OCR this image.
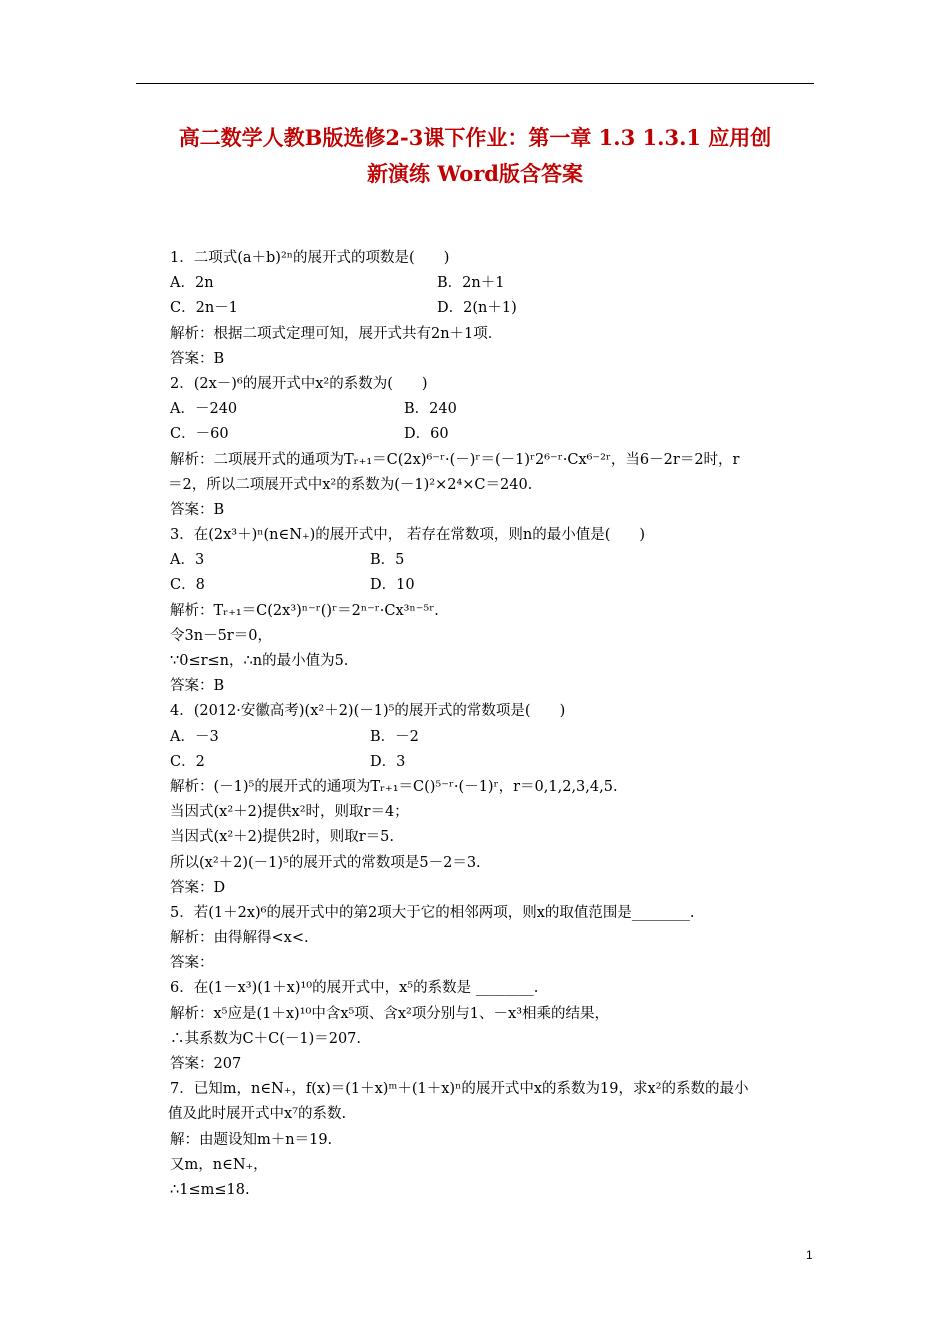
高二数学人教B版选修2-3课下作业：第一章 1.3 1.3.1 应用创
新演练 Word版含答案
1．二项式(a＋b)²ⁿ的展开式的项数是(　　)
A．2n	B．2n＋1
C．2n－1	D．2(n＋1)
解析：根据二项式定理可知，展开式共有2n＋1项．
答案：B
2．(2x－)⁶的展开式中x²的系数为(　　)
A．－240	B．240
C．－60	D．60
解析：二项展开式的通项为Tᵣ₊₁＝C(2x)⁶⁻ʳ·(－)ʳ＝(－1)ʳ2⁶⁻ʳ·Cx⁶⁻²ʳ，当6－2r＝2时，r
＝2，所以二项展开式中x²的系数为(－1)²×2⁴×C＝240.
答案：B
3．在(2x³＋)ⁿ(n∈N₊)的展开式中， 若存在常数项，则n的最小值是(　　)
A．3	B．5
C．8	D．10
解析：Tᵣ₊₁＝C(2x³)ⁿ⁻ʳ()ʳ＝2ⁿ⁻ʳ·Cx³ⁿ⁻⁵ʳ.
令3n－5r＝0，
∵0≤r≤n，∴n的最小值为5.
答案：B
4．(2012·安徽高考)(x²＋2)(－1)⁵的展开式的常数项是(　　)
A．－3	B．－2
C．2	D．3
解析：(－1)⁵的展开式的通项为Tᵣ₊₁＝C()⁵⁻ʳ·(－1)ʳ，r＝0,1,2,3,4,5.
当因式(x²＋2)提供x²时，则取r＝4；
当因式(x²＋2)提供2时，则取r＝5.
所以(x²＋2)(－1)⁵的展开式的常数项是5－2＝3.
答案：D
5．若(1＋2x)⁶的展开式中的第2项大于它的相邻两项，则x的取值范围是________.
解析：由得解得<x<.
答案：
6．在(1－x³)(1＋x)¹⁰的展开式中，x⁵的系数是 ________.
解析：x⁵应是(1＋x)¹⁰中含x⁵项、含x²项分别与1、－x³相乘的结果，
∴其系数为C＋C(－1)＝207.
答案：207
7．已知m，n∈N₊，f(x)＝(1＋x)ᵐ＋(1＋x)ⁿ的展开式中x的系数为19，求x²的系数的最小
值及此时展开式中x⁷的系数.
解：由题设知m＋n＝19.
又m，n∈N₊，
∴1≤m≤18.
1
